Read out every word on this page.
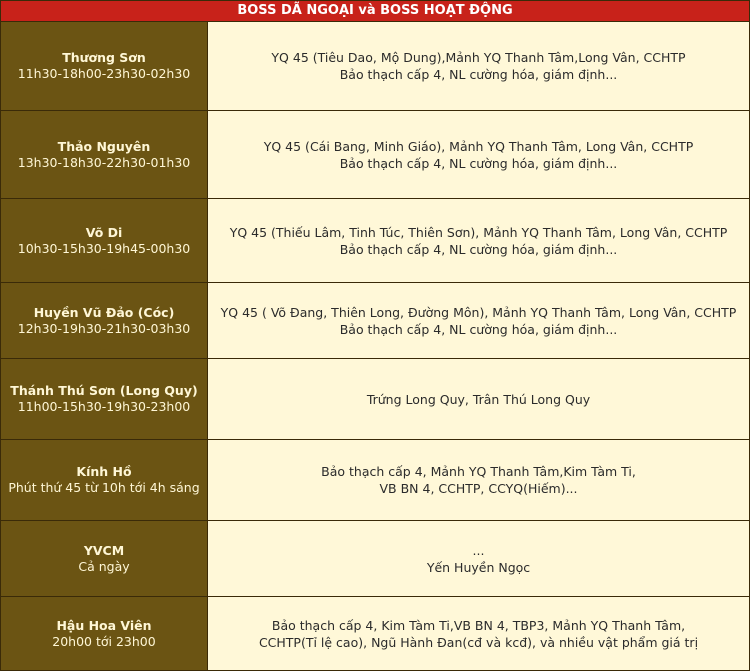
BOSS DÃ NGOẠI và BOSS HOẠT ĐỘNG
Thương Sơn
11h30-18h00-23h30-02h30
YQ 45 (Tiêu Dao, Mộ Dung),Mảnh YQ Thanh Tâm,Long Vân, CCHTP
Bảo thạch cấp 4, NL cường hóa, giám định...
Thảo Nguyên
13h30-18h30-22h30-01h30
YQ 45 (Cái Bang, Minh Giáo), Mảnh YQ Thanh Tâm, Long Vân, CCHTP
Bảo thạch cấp 4, NL cường hóa, giám định...
Võ Di
10h30-15h30-19h45-00h30
YQ 45 (Thiếu Lâm, Tinh Túc, Thiên Sơn), Mảnh YQ Thanh Tâm, Long Vân, CCHTP
Bảo thạch cấp 4, NL cường hóa, giám định...
Huyền Vũ Đảo (Cóc)
12h30-19h30-21h30-03h30
YQ 45 ( Võ Đang, Thiên Long, Đường Môn), Mảnh YQ Thanh Tâm, Long Vân, CCHTP
Bảo thạch cấp 4, NL cường hóa, giám định...
Thánh Thú Sơn (Long Quy)
11h00-15h30-19h30-23h00	Trứng Long Quy, Trân Thú Long Quy
Kính Hồ
Phút thứ 45 từ 10h tới 4h sáng
Bảo thạch cấp 4, Mảnh YQ Thanh Tâm,Kim Tàm Ti,
VB BN 4, CCHTP, CCYQ(Hiếm)...
YVCM
Cả ngày
...
Yến Huyền Ngọc
Hậu Hoa Viên
20h00 tới 23h00
Bảo thạch cấp 4, Kim Tàm Ti,VB BN 4, TBP3, Mảnh YQ Thanh Tâm,
CCHTP(Tỉ lệ cao), Ngũ Hành Đan(cđ và kcđ), và nhiều vật phẩm giá trị
